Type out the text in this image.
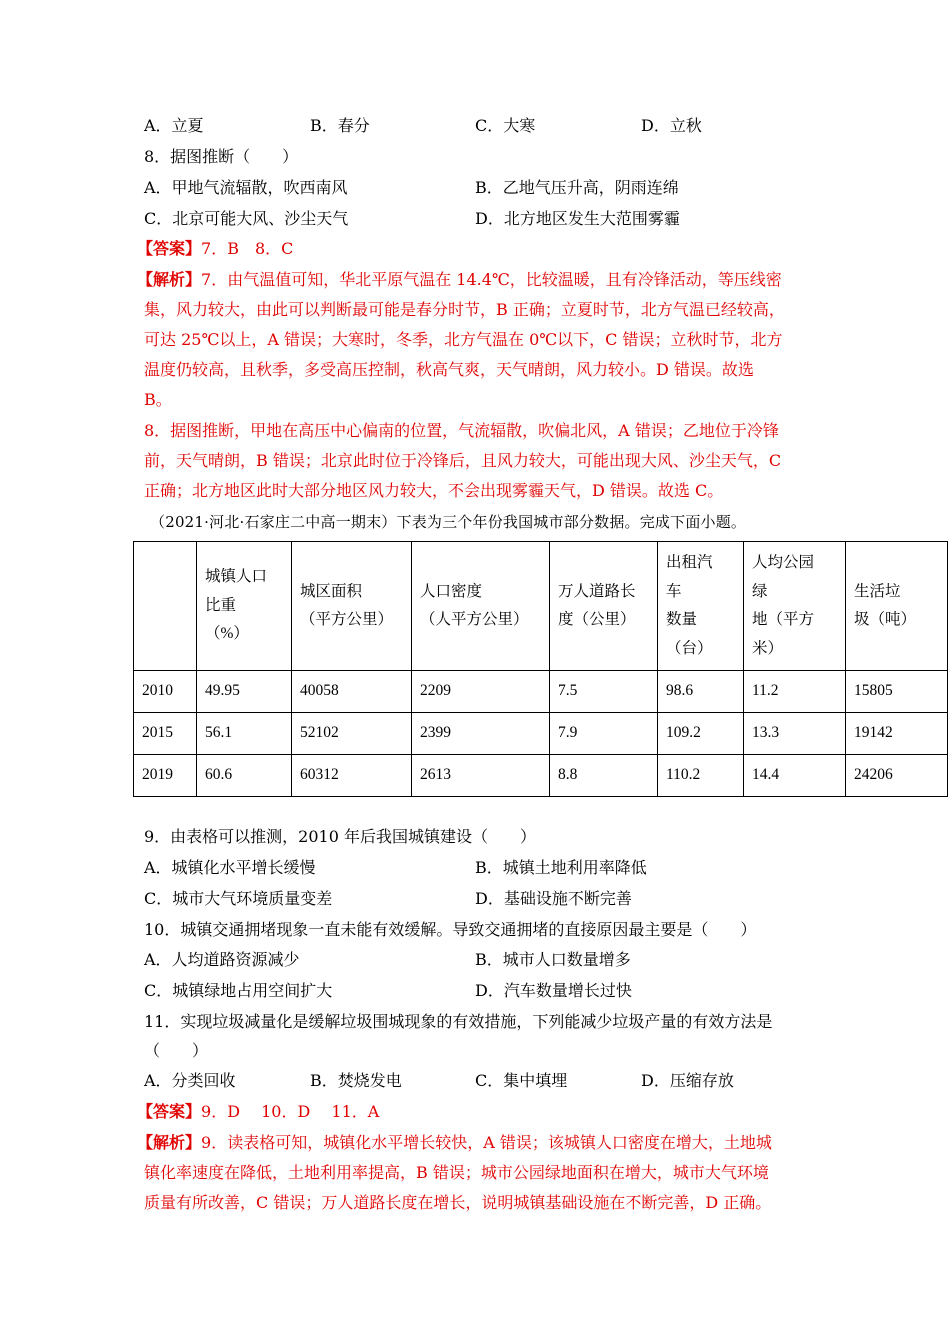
A．立夏	B．春分	C．大寒	D．立秋
8．据图推断（　　）
A．甲地气流辐散，吹西南风	B．乙地气压升高，阴雨连绵
C．北京可能大风、沙尘天气	D．北方地区发生大范围雾霾
【答案】7．B　8．C
【解析】7．由气温值可知，华北平原气温在 14.4℃，比较温暖，且有冷锋活动，等压线密
集，风力较大，由此可以判断最可能是春分时节，B 正确；立夏时节，北方气温已经较高，
可达 25℃以上，A 错误；大寒时，冬季，北方气温在 0℃以下，C 错误；立秋时节，北方
温度仍较高，且秋季，多受高压控制，秋高气爽，天气晴朗，风力较小。D 错误。故选
B。
8．据图推断，甲地在高压中心偏南的位置，气流辐散，吹偏北风，A 错误；乙地位于冷锋
前，天气晴朗，B 错误；北京此时位于冷锋后，且风力较大，可能出现大风、沙尘天气，C
正确；北方地区此时大部分地区风力较大，不会出现雾霾天气，D 错误。故选 C。
（2021·河北·石家庄二中高一期末）下表为三个年份我国城市部分数据。完成下面小题。

	城镇人口
比重
（%）	城区面积
（平方公里）	人口密度
（人平方公里）	万人道路长
度（公里）	出租汽
车
数量
（台）	人均公园
绿
地（平方
米）	生活垃
圾（吨）

2010	49.95	40058	2209	7.5	98.6	11.2	15805
2015	56.1	52102	2399	7.9	109.2	13.3	19142
2019	60.6	60312	2613	8.8	110.2	14.4	24206
9．由表格可以推测，2010 年后我国城镇建设（　　）
A．城镇化水平增长缓慢	B．城镇土地利用率降低
C．城市大气环境质量变差	D．基础设施不断完善
10．城镇交通拥堵现象一直未能有效缓解。导致交通拥堵的直接原因最主要是（　　）
A．人均道路资源减少	B．城市人口数量增多
C．城镇绿地占用空间扩大	D．汽车数量增长过快
11．实现垃圾减量化是缓解垃圾围城现象的有效措施，下列能减少垃圾产量的有效方法是
（　　）
A．分类回收	B．焚烧发电	C．集中填埋	D．压缩存放
【答案】9．D　 10．D　 11．A
【解析】9．读表格可知，城镇化水平增长较快，A 错误；该城镇人口密度在增大，土地城
镇化率速度在降低，土地利用率提高，B 错误；城市公园绿地面积在增大，城市大气环境
质量有所改善，C 错误；万人道路长度在增长，说明城镇基础设施在不断完善，D 正确。
